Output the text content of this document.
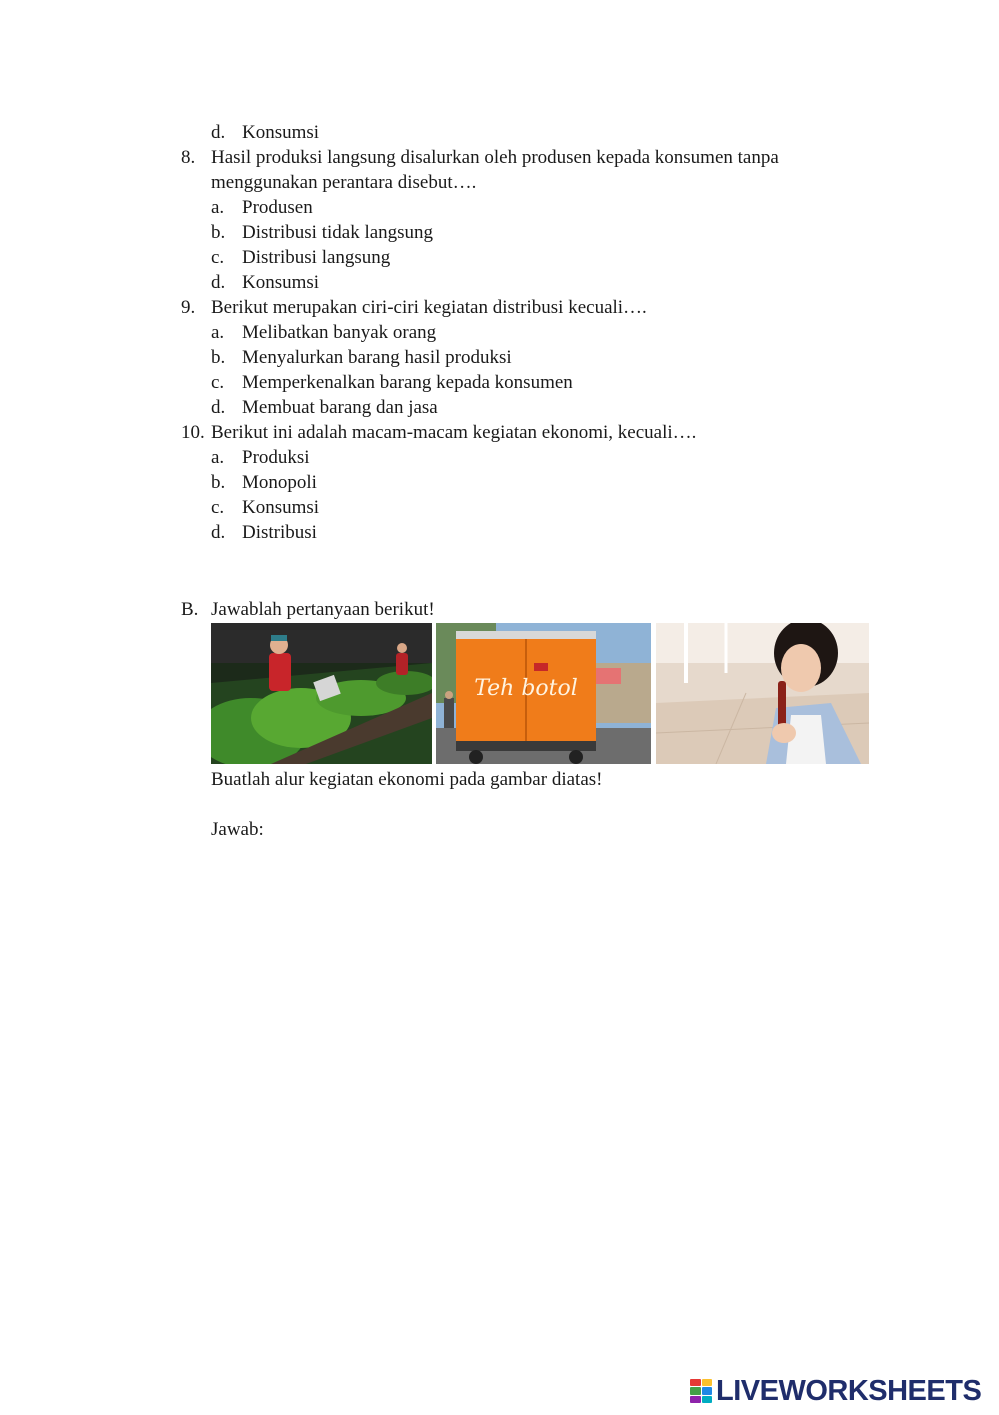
d. Konsumsi
8. Hasil produksi langsung disalurkan oleh produsen kepada konsumen tanpa
menggunakan perantara disebut….
a. Produsen
b. Distribusi tidak langsung
c. Distribusi langsung
d. Konsumsi
9. Berikut merupakan ciri-ciri kegiatan distribusi kecuali….
a. Melibatkan banyak orang
b. Menyalurkan barang hasil produksi
c. Memperkenalkan barang kepada konsumen
d. Membuat barang dan jasa
10. Berikut ini adalah macam-macam kegiatan ekonomi, kecuali….
a. Produksi
b. Monopoli
c. Konsumsi
d. Distribusi
B. Jawablah pertanyaan berikut!
Teh botol
Buatlah alur kegiatan ekonomi pada gambar diatas!
Jawab:
LIVEWORKSHEETS
